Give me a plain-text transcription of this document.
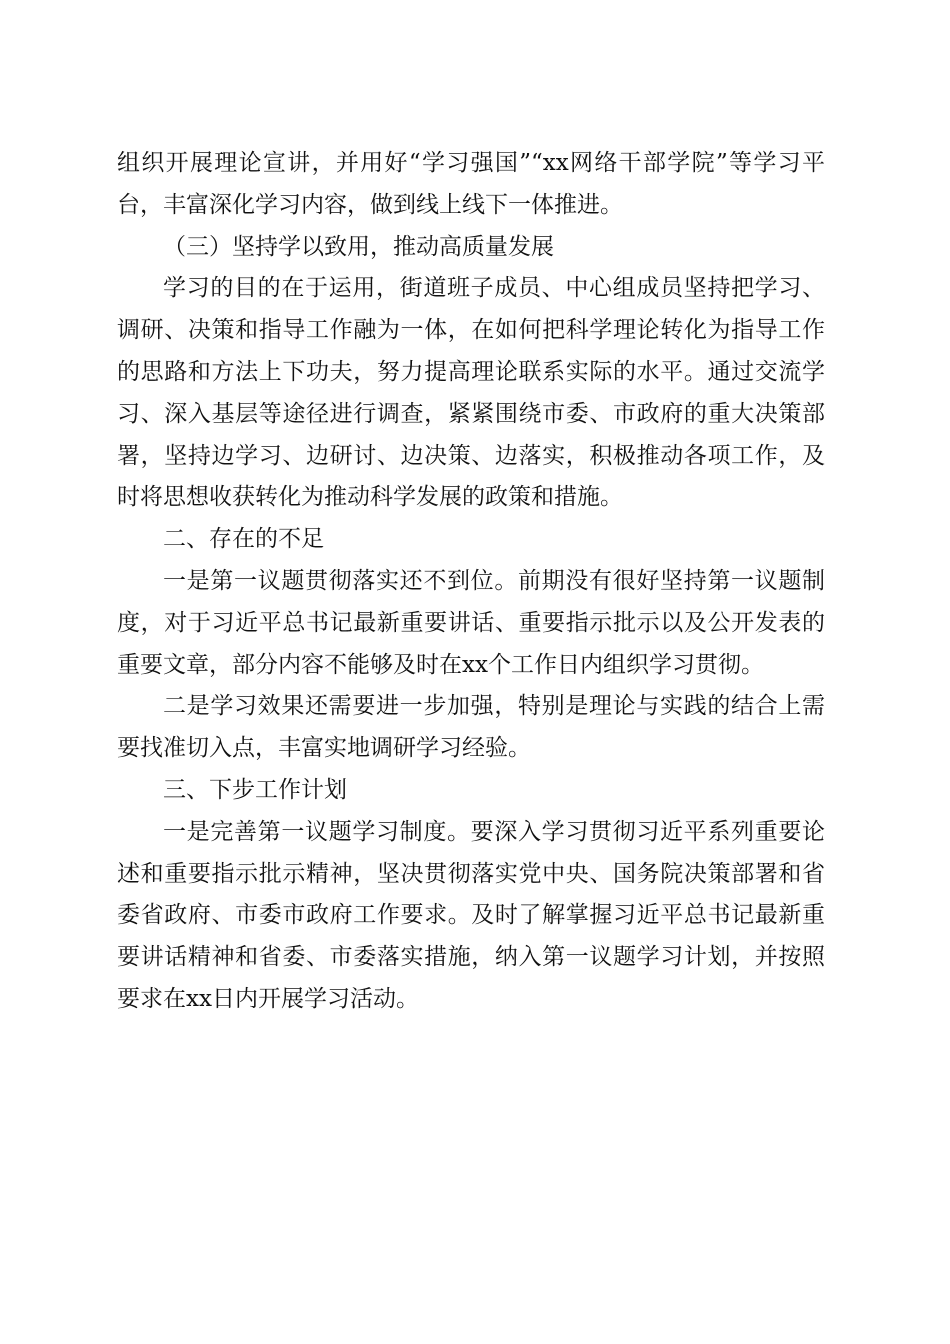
组织开展理论宣讲，并用好“学习强国”“xx网络干部学院”等学习平台，丰富深化学习内容，做到线上线下一体推进。

（三）坚持学以致用，推动高质量发展

学习的目的在于运用，街道班子成员、中心组成员坚持把学习、调研、决策和指导工作融为一体，在如何把科学理论转化为指导工作的思路和方法上下功夫，努力提高理论联系实际的水平。通过交流学习、深入基层等途径进行调查，紧紧围绕市委、市政府的重大决策部署，坚持边学习、边研讨、边决策、边落实，积极推动各项工作，及时将思想收获转化为推动科学发展的政策和措施。

二、存在的不足

一是第一议题贯彻落实还不到位。前期没有很好坚持第一议题制度，对于习近平总书记最新重要讲话、重要指示批示以及公开发表的重要文章，部分内容不能够及时在xx个工作日内组织学习贯彻。

二是学习效果还需要进一步加强，特别是理论与实践的结合上需要找准切入点，丰富实地调研学习经验。

三、下步工作计划

一是完善第一议题学习制度。要深入学习贯彻习近平系列重要论述和重要指示批示精神，坚决贯彻落实党中央、国务院决策部署和省委省政府、市委市政府工作要求。及时了解掌握习近平总书记最新重要讲话精神和省委、市委落实措施，纳入第一议题学习计划，并按照要求在xx日内开展学习活动。
